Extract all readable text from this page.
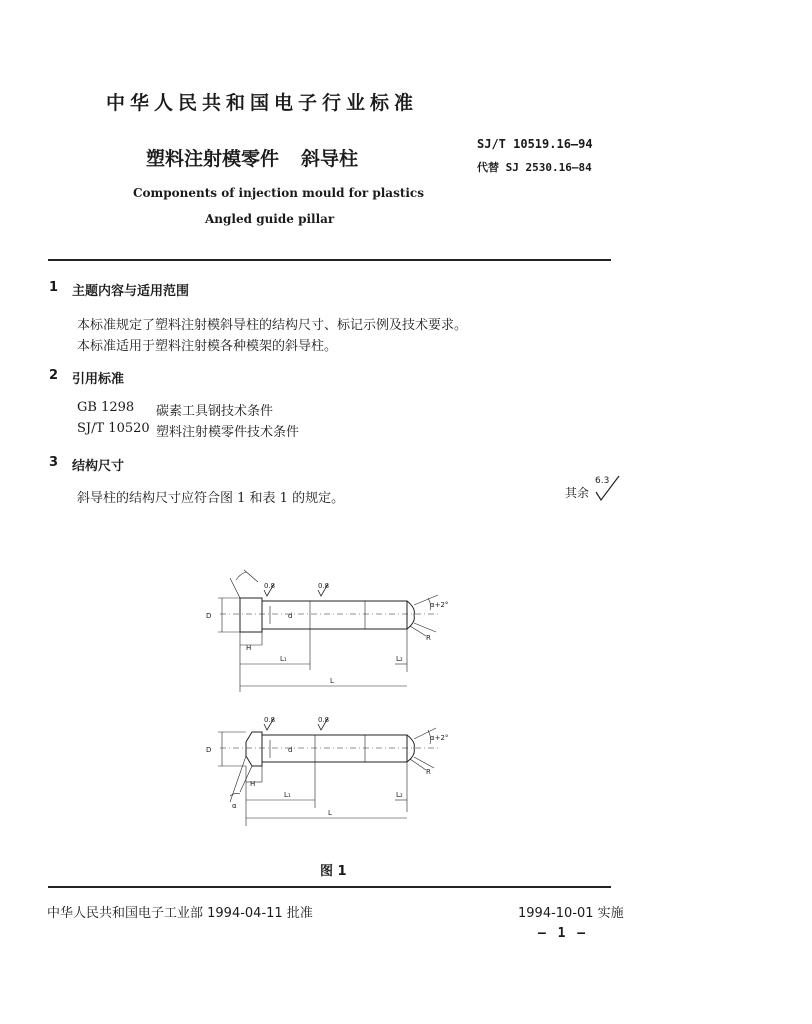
中华人民共和国电子行业标准
塑料注射模零件 斜导柱
SJ/T 10519.16—94
代替 SJ 2530.16—84
Components of injection mould for plastics
Angled guide pillar
1 主题内容与适用范围
本标准规定了塑料注射模斜导柱的结构尺寸、标记示例及技术要求。
本标准适用于塑料注射模各种模架的斜导柱。
2 引用标准
GB 1298 碳素工具钢技术条件
SJ/T 10520 塑料注射模零件技术条件
3 结构尺寸
斜导柱的结构尺寸应符合图 1 和表 1 的规定。	其余
6.3
D	d
0.8	0.8
α+2°
R
H
L₁
L
L₂
D	d
0.8	0.8
α+2°
R
H
L₁
L
L₂
α
图 1
中华人民共和国电子工业部 1994-04-11 批准	1994-10-01 实施
— 1 —
